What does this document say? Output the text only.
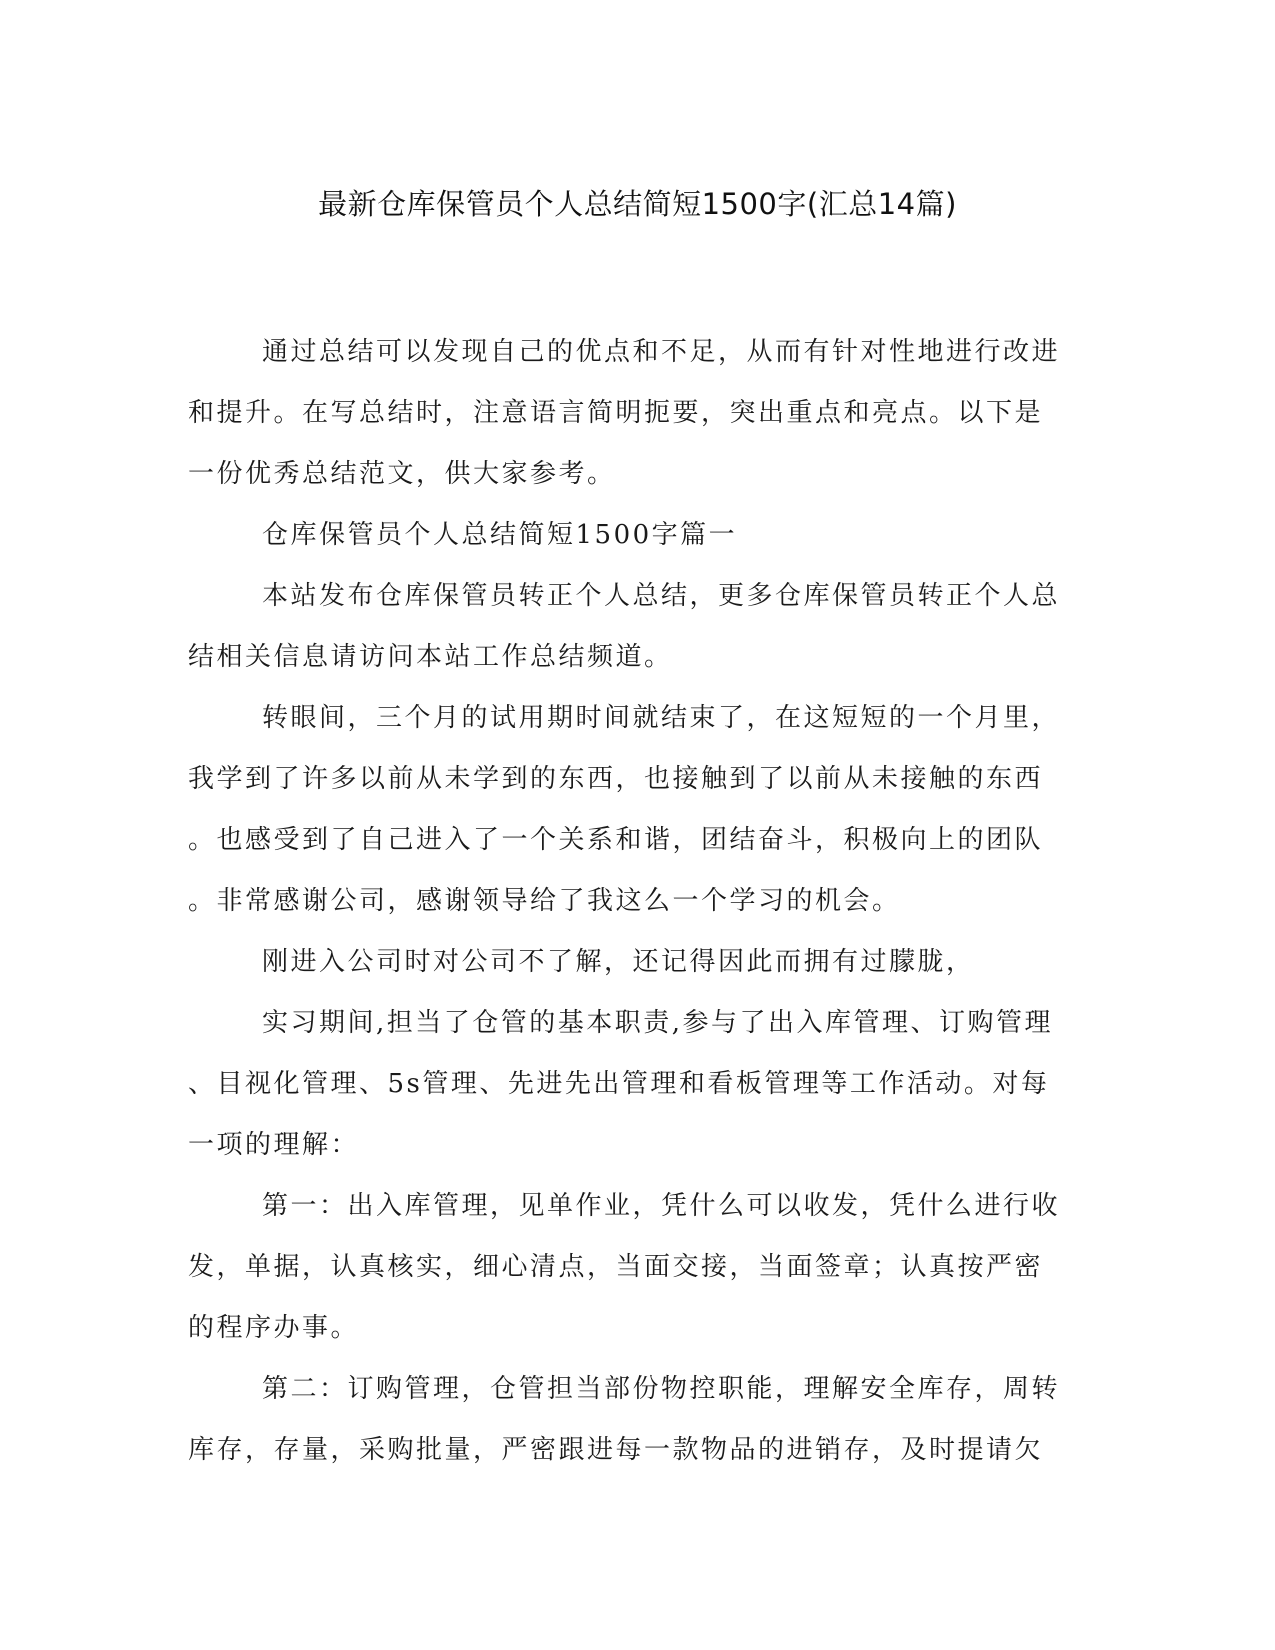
最新仓库保管员个人总结简短1500字(汇总14篇)
通过总结可以发现自己的优点和不足，从而有针对性地进行改进
和提升。在写总结时，注意语言简明扼要，突出重点和亮点。以下是
一份优秀总结范文，供大家参考。
仓库保管员个人总结简短1500字篇一
本站发布仓库保管员转正个人总结，更多仓库保管员转正个人总
结相关信息请访问本站工作总结频道。
转眼间，三个月的试用期时间就结束了，在这短短的一个月里，
我学到了许多以前从未学到的东西，也接触到了以前从未接触的东西
。也感受到了自己进入了一个关系和谐，团结奋斗，积极向上的团队
。非常感谢公司，感谢领导给了我这么一个学习的机会。
刚进入公司时对公司不了解，还记得因此而拥有过朦胧，
实习期间,担当了仓管的基本职责,参与了出入库管理、订购管理
、目视化管理、5s管理、先进先出管理和看板管理等工作活动。对每
一项的理解：
第一：出入库管理，见单作业，凭什么可以收发，凭什么进行收
发，单据，认真核实，细心清点，当面交接，当面签章；认真按严密
的程序办事。
第二：订购管理，仓管担当部份物控职能，理解安全库存，周转
库存，存量，采购批量，严密跟进每一款物品的进销存，及时提请欠
